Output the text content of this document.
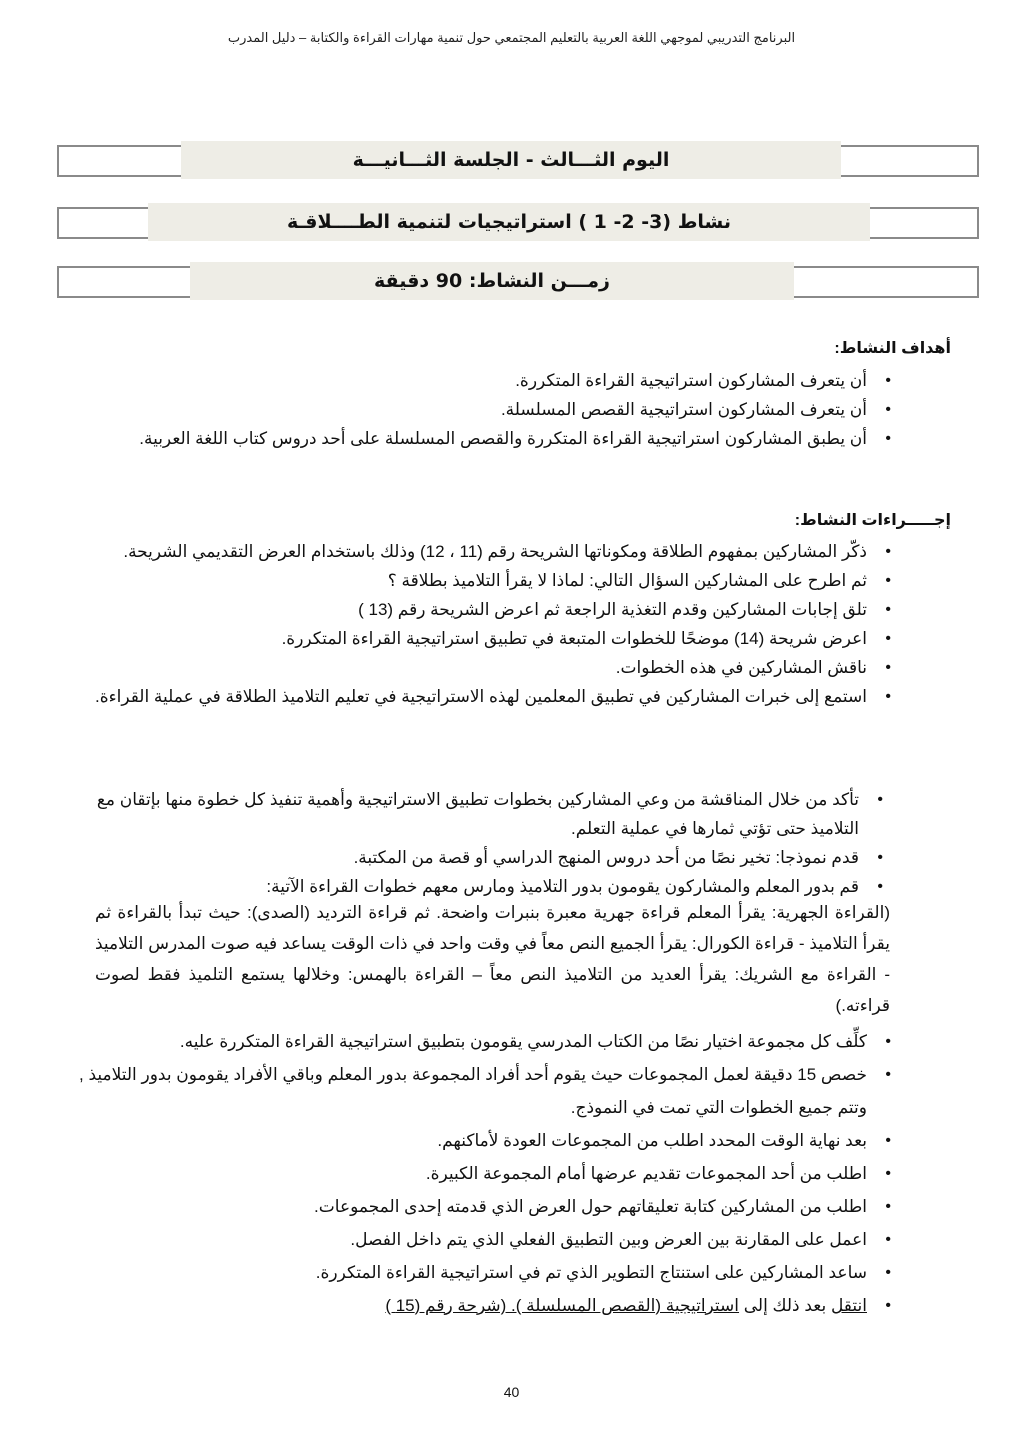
البرنامج التدريبي لموجهي اللغة العربية بالتعليم المجتمعي حول تنمية مهارات القراءة والكتابة – دليل المدرب
اليوم الثـــالث - الجلسة الثـــانيـــة
نشاط (3- 2- 1 ) استراتيجيات لتنمية الطــــلاقـة
زمـــن النشاط: 90 دقيقة
أهداف النشاط:
• أن يتعرف المشاركون استراتيجية القراءة المتكررة.
• أن يتعرف المشاركون استراتيجية القصص المسلسلة.
• أن يطبق المشاركون استراتيجية القراءة المتكررة والقصص المسلسلة على أحد دروس كتاب اللغة العربية.
إجـــــراءات النشاط:
• ذكّر المشاركين بمفهوم الطلاقة ومكوناتها الشريحة رقم (11 ، 12) وذلك باستخدام العرض التقديمي الشريحة.
• ثم اطرح على المشاركين السؤال التالي: لماذا لا يقرأ التلاميذ بطلاقة ؟
• تلق إجابات المشاركين وقدم التغذية الراجعة ثم اعرض الشريحة رقم (13 )
• اعرض شريحة (14) موضحًا للخطوات المتبعة في تطبيق استراتيجية القراءة المتكررة.
• ناقش المشاركين في هذه الخطوات.
• استمع إلى خبرات المشاركين في تطبيق المعلمين لهذه الاستراتيجية في تعليم التلاميذ الطلاقة في عملية القراءة.
• تأكد من خلال المناقشة من وعي المشاركين بخطوات تطبيق الاستراتيجية وأهمية تنفيذ كل خطوة منها بإتقان مع التلاميذ حتى تؤتي ثمارها في عملية التعلم.
• قدم نموذجا: تخير نصًا من أحد دروس المنهج الدراسي أو قصة من المكتبة.
• قم بدور المعلم والمشاركون يقومون بدور التلاميذ ومارس معهم خطوات القراءة الآتية:
(القراءة الجهرية: يقرأ المعلم قراءة جهرية معبرة بنبرات واضحة. ثم قراءة الترديد (الصدى): حيث تبدأ بالقراءة ثم يقرأ التلاميذ - قراءة الكورال: يقرأ الجميع النص معاً في وقت واحد في ذات الوقت يساعد فيه صوت المدرس التلاميذ - القراءة مع الشريك: يقرأ العديد من التلاميذ النص معاً – القراءة بالهمس: وخلالها يستمع التلميذ فقط لصوت قراءته.)
• كلِّف كل مجموعة اختيار نصًا من الكتاب المدرسي يقومون بتطبيق استراتيجية القراءة المتكررة عليه.
• خصص 15 دقيقة لعمل المجموعات حيث يقوم أحد أفراد المجموعة بدور المعلم وباقي الأفراد يقومون بدور التلاميذ , وتتم جميع الخطوات التي تمت في النموذج.
• بعد نهاية الوقت المحدد اطلب من المجموعات العودة لأماكنهم.
• اطلب من أحد المجموعات تقديم عرضها أمام المجموعة الكبيرة.
• اطلب من المشاركين كتابة تعليقاتهم حول العرض الذي قدمته إحدى المجموعات.
• اعمل على المقارنة بين العرض وبين التطبيق الفعلي الذي يتم داخل الفصل.
• ساعد المشاركين على استنتاج التطوير الذي تم في استراتيجية القراءة المتكررة.
• انتقل بعد ذلك إلى استراتيجية (القصص المسلسلة ). (شرحة رقم (15 )
40
